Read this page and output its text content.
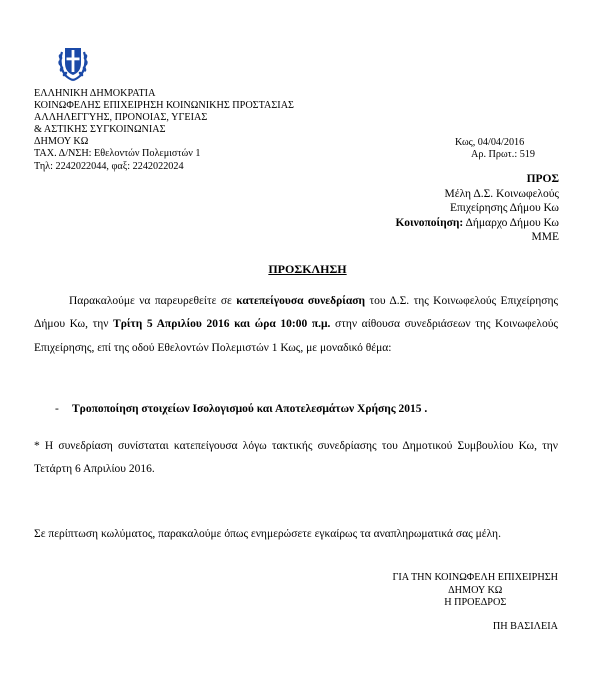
ΕΛΛΗΝΙΚΗ ΔΗΜΟΚΡΑΤΙΑ
ΚΟΙΝΩΦΕΛΗΣ ΕΠΙΧΕΙΡΗΣΗ ΚΟΙΝΩΝΙΚΗΣ ΠΡΟΣΤΑΣΙΑΣ
ΑΛΛΗΛΕΓΓΥΗΣ, ΠΡΟΝΟΙΑΣ, ΥΓΕΙΑΣ
& ΑΣΤΙΚΗΣ ΣΥΓΚΟΙΝΩΝΙΑΣ
ΔΗΜΟΥ ΚΩ
ΤΑΧ. Δ/ΝΣΗ: Εθελοντών Πολεμιστών 1
Τηλ: 2242022044, φαξ: 2242022024
Κως, 04/04/2016
Αρ. Πρωτ.: 519
ΠΡΟΣ
Μέλη Δ.Σ. Κοινωφελούς
Επιχείρησης Δήμου Κω
Κοινοποίηση: Δήμαρχο Δήμου Κω
ΜΜΕ
ΠΡΟΣΚΛΗΣΗ
Παρακαλούμε να παρευρεθείτε σε κατεπείγουσα συνεδρίαση του Δ.Σ. της Κοινωφελούς Επιχείρησης Δήμου Κω, την Τρίτη 5 Απριλίου 2016 και ώρα 10:00 π.μ. στην αίθουσα συνεδριάσεων της Κοινωφελούς Επιχείρησης, επί της οδού Εθελοντών Πολεμιστών 1 Κως, με μοναδικό θέμα:
- Τροποποίηση στοιχείων Ισολογισμού και Αποτελεσμάτων Χρήσης 2015 .
* Η συνεδρίαση συνίσταται κατεπείγουσα λόγω τακτικής συνεδρίασης του Δημοτικού Συμβουλίου Κω, την Τετάρτη 6 Απριλίου 2016.
Σε περίπτωση κωλύματος, παρακαλούμε όπως ενημερώσετε εγκαίρως τα αναπληρωματικά σας μέλη.
ΓΙΑ ΤΗΝ ΚΟΙΝΩΦΕΛΗ ΕΠΙΧΕΙΡΗΣΗ
ΔΗΜΟΥ ΚΩ
Η ΠΡΟΕΔΡΟΣ
ΠΗ ΒΑΣΙΛΕΙΑ
